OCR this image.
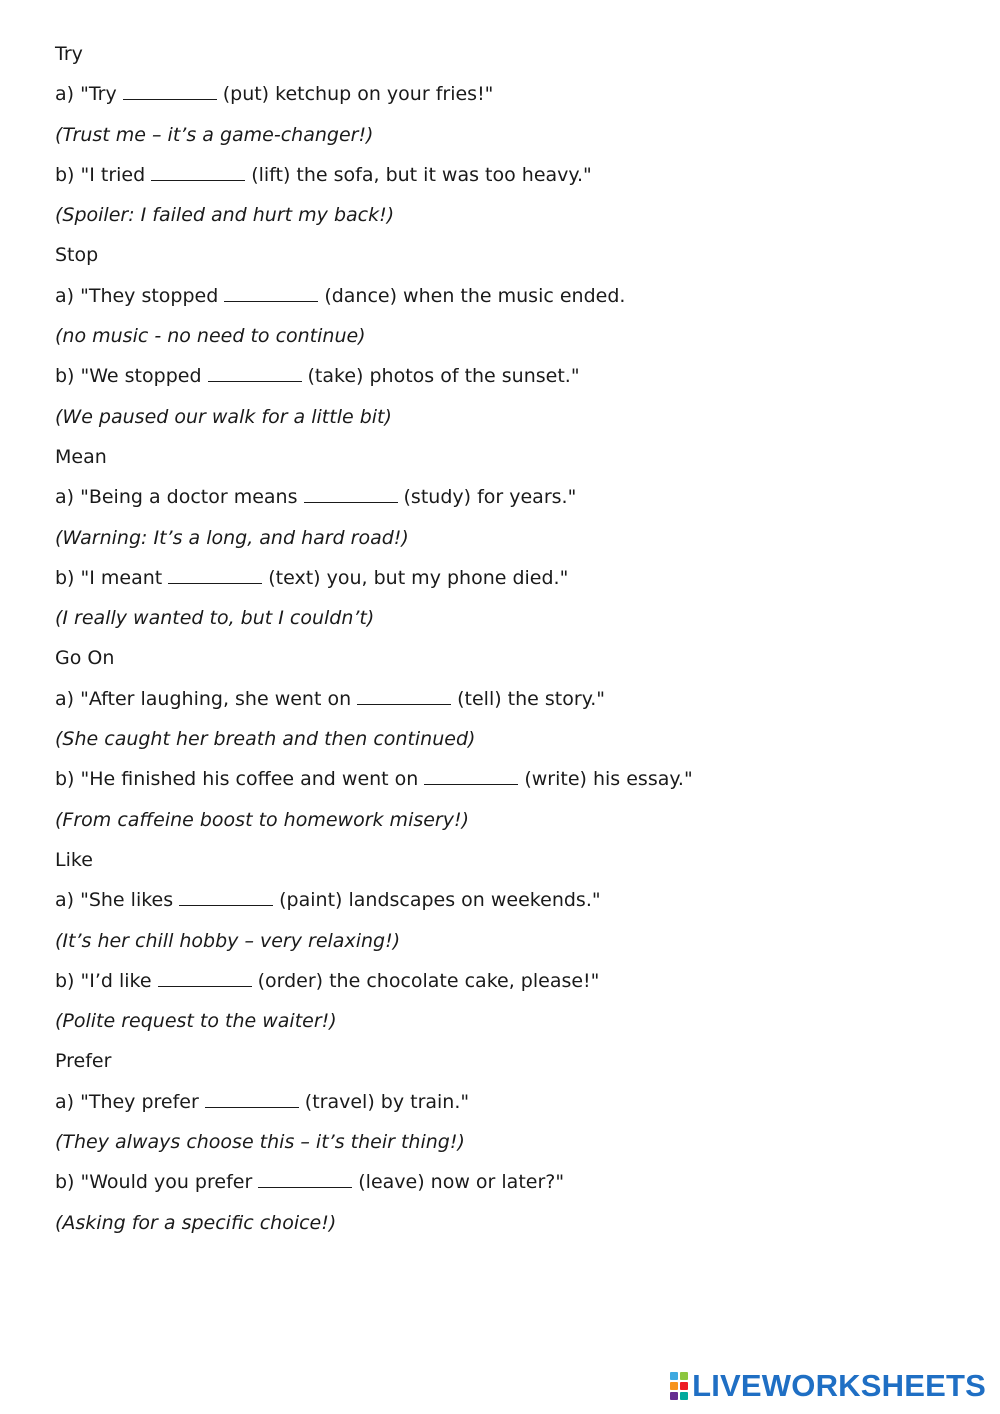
Try
a) "Try	(put) ketchup on your fries!"
(Trust me – it’s a game-changer!)
b) "I tried	(lift) the sofa, but it was too heavy."
(Spoiler: I failed and hurt my back!)
Stop
a) "They stopped	(dance) when the music ended.
(no music - no need to continue)
b) "We stopped	(take) photos of the sunset."
(We paused our walk for a little bit)
Mean
a) "Being a doctor means	(study) for years."
(Warning: It’s a long, and hard road!)
b) "I meant	(text) you, but my phone died."
(I really wanted to, but I couldn’t)
Go On
a) "After laughing, she went on	(tell) the story."
(She caught her breath and then continued)
b) "He finished his coffee and went on	(write) his essay."
(From caffeine boost to homework misery!)
Like
a) "She likes	(paint) landscapes on weekends."
(It’s her chill hobby – very relaxing!)
b) "I’d like	(order) the chocolate cake, please!"
(Polite request to the waiter!)
Prefer
a) "They prefer	(travel) by train."
(They always choose this – it’s their thing!)
b) "Would you prefer	(leave) now or later?"
(Asking for a specific choice!)
LIVEWORKSHEETS
